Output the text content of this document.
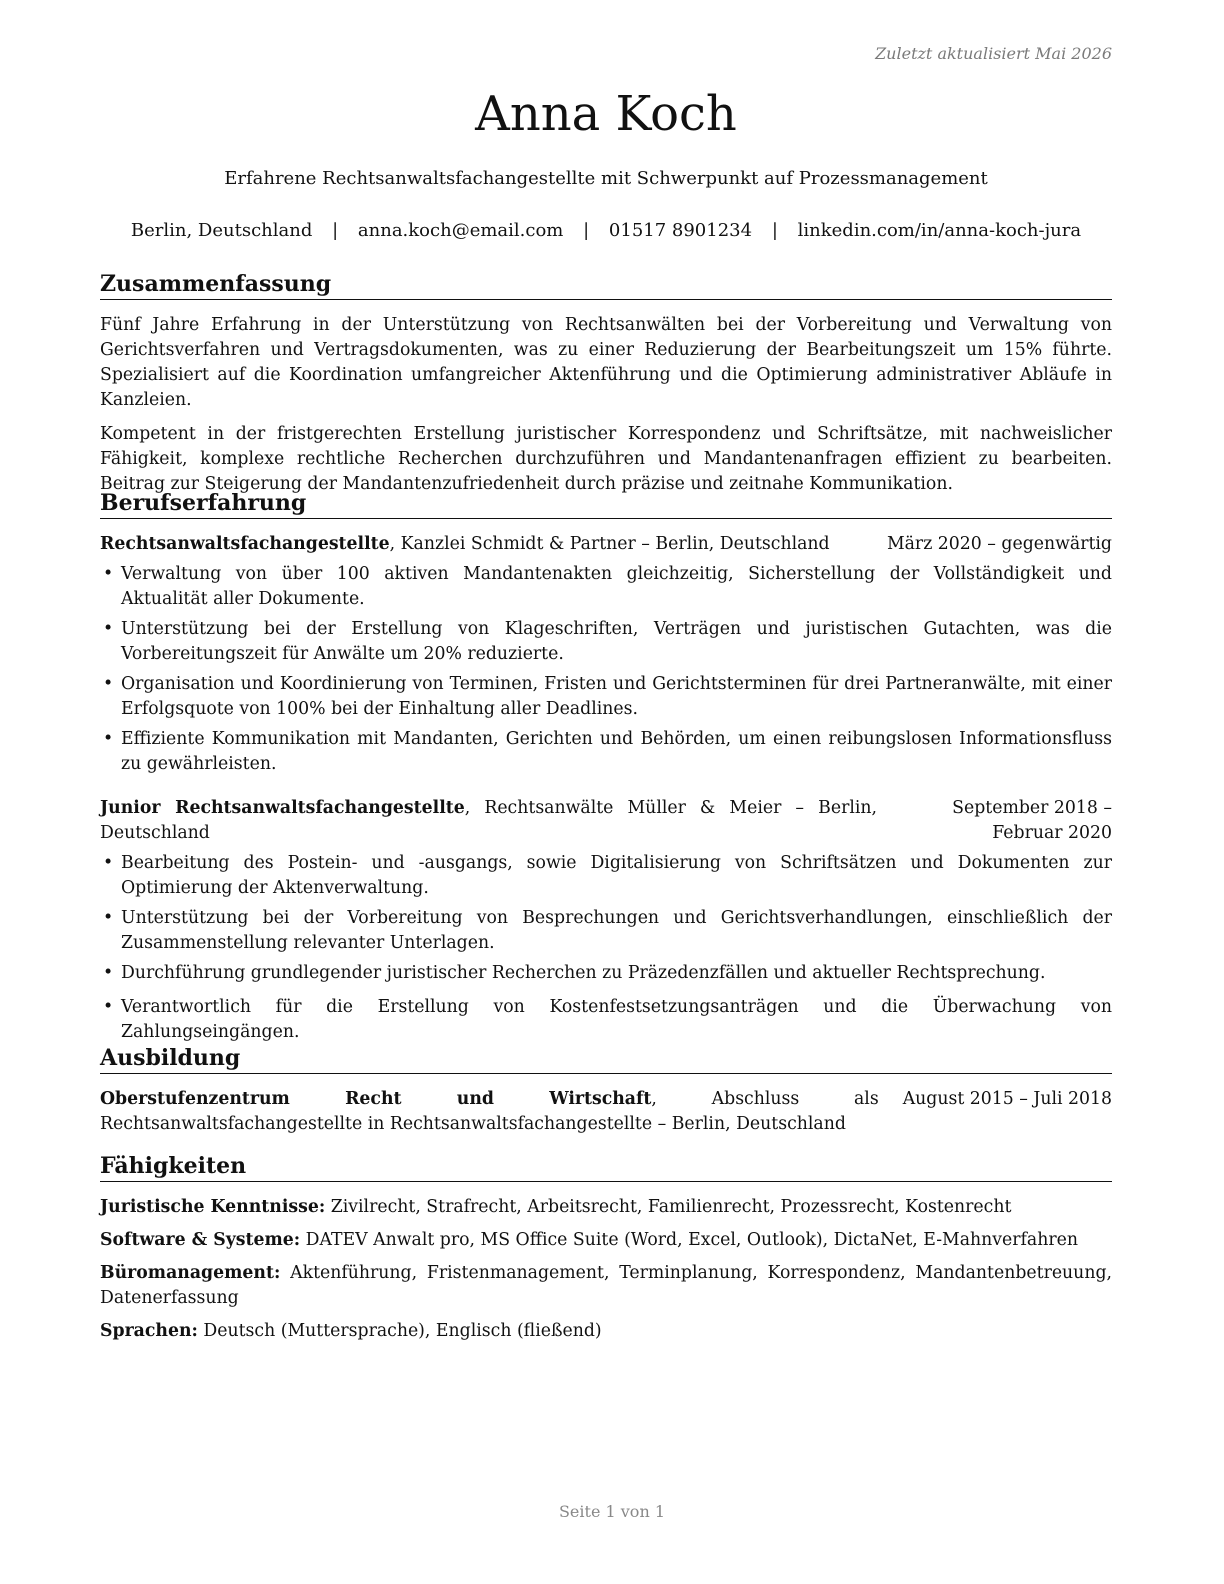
Zuletzt aktualisiert Mai 2026
Anna Koch
Erfahrene Rechtsanwaltsfachangestellte mit Schwerpunkt auf Prozessmanagement
Berlin, Deutschland | anna.koch@email.com | 01517 8901234 | linkedin.com/in/anna-koch-jura
Zusammenfassung

Fünf Jahre Erfahrung in der Unterstützung von Rechtsanwälten bei der Vorbereitung und Verwaltung von Gerichtsverfahren und Vertragsdokumenten, was zu einer Reduzierung der Bearbeitungszeit um 15% führte. Spezialisiert auf die Koordination umfangreicher Aktenführung und die Optimierung administrativer Abläufe in Kanzleien.

Kompetent in der fristgerechten Erstellung juristischer Korrespondenz und Schriftsätze, mit nachweislicher Fähigkeit, komplexe rechtliche Recherchen durchzuführen und Mandantenanfragen effizient zu bearbeiten. Beitrag zur Steigerung der Mandantenzufriedenheit durch präzise und zeitnahe Kommunikation.

Berufserfahrung
Rechtsanwaltsfachangestellte, Kanzlei Schmidt & Partner – Berlin, Deutschland	März 2020 – gegenwärtig
• Verwaltung von über 100 aktiven Mandantenakten gleichzeitig, Sicherstellung der Vollständigkeit und Aktualität aller Dokumente.
• Unterstützung bei der Erstellung von Klageschriften, Verträgen und juristischen Gutachten, was die Vorbereitungszeit für Anwälte um 20% reduzierte.
• Organisation und Koordinierung von Terminen, Fristen und Gerichtsterminen für drei Partneranwälte, mit einer Erfolgsquote von 100% bei der Einhaltung aller Deadlines.
• Effiziente Kommunikation mit Mandanten, Gerichten und Behörden, um einen reibungslosen Informationsfluss zu gewährleisten.
Junior Rechtsanwaltsfachangestellte, Rechtsanwälte Müller & Meier – Berlin, Deutschland
September 2018 – Februar 2020
• Bearbeitung des Postein- und -ausgangs, sowie Digitalisierung von Schriftsätzen und Dokumenten zur Optimierung der Aktenverwaltung.
• Unterstützung bei der Vorbereitung von Besprechungen und Gerichtsverhandlungen, einschließlich der Zusammenstellung relevanter Unterlagen.
• Durchführung grundlegender juristischer Recherchen zu Präzedenzfällen und aktueller Rechtsprechung.
• Verantwortlich für die Erstellung von Kostenfestsetzungsanträgen und die Überwachung von Zahlungseingängen.
Ausbildung
Oberstufenzentrum Recht und Wirtschaft, Abschluss als Rechtsanwaltsfachangestellte in Rechtsanwaltsfachangestellte – Berlin, Deutschland
August 2015 – Juli 2018
Fähigkeiten

Juristische Kenntnisse: Zivilrecht, Strafrecht, Arbeitsrecht, Familienrecht, Prozessrecht, Kostenrecht

Software & Systeme: DATEV Anwalt pro, MS Office Suite (Word, Excel, Outlook), DictaNet, E-Mahnverfahren

Büromanagement: Aktenführung, Fristenmanagement, Terminplanung, Korrespondenz, Mandantenbetreuung, Datenerfassung

Sprachen: Deutsch (Muttersprache), Englisch (fließend)

Seite 1 von 1
